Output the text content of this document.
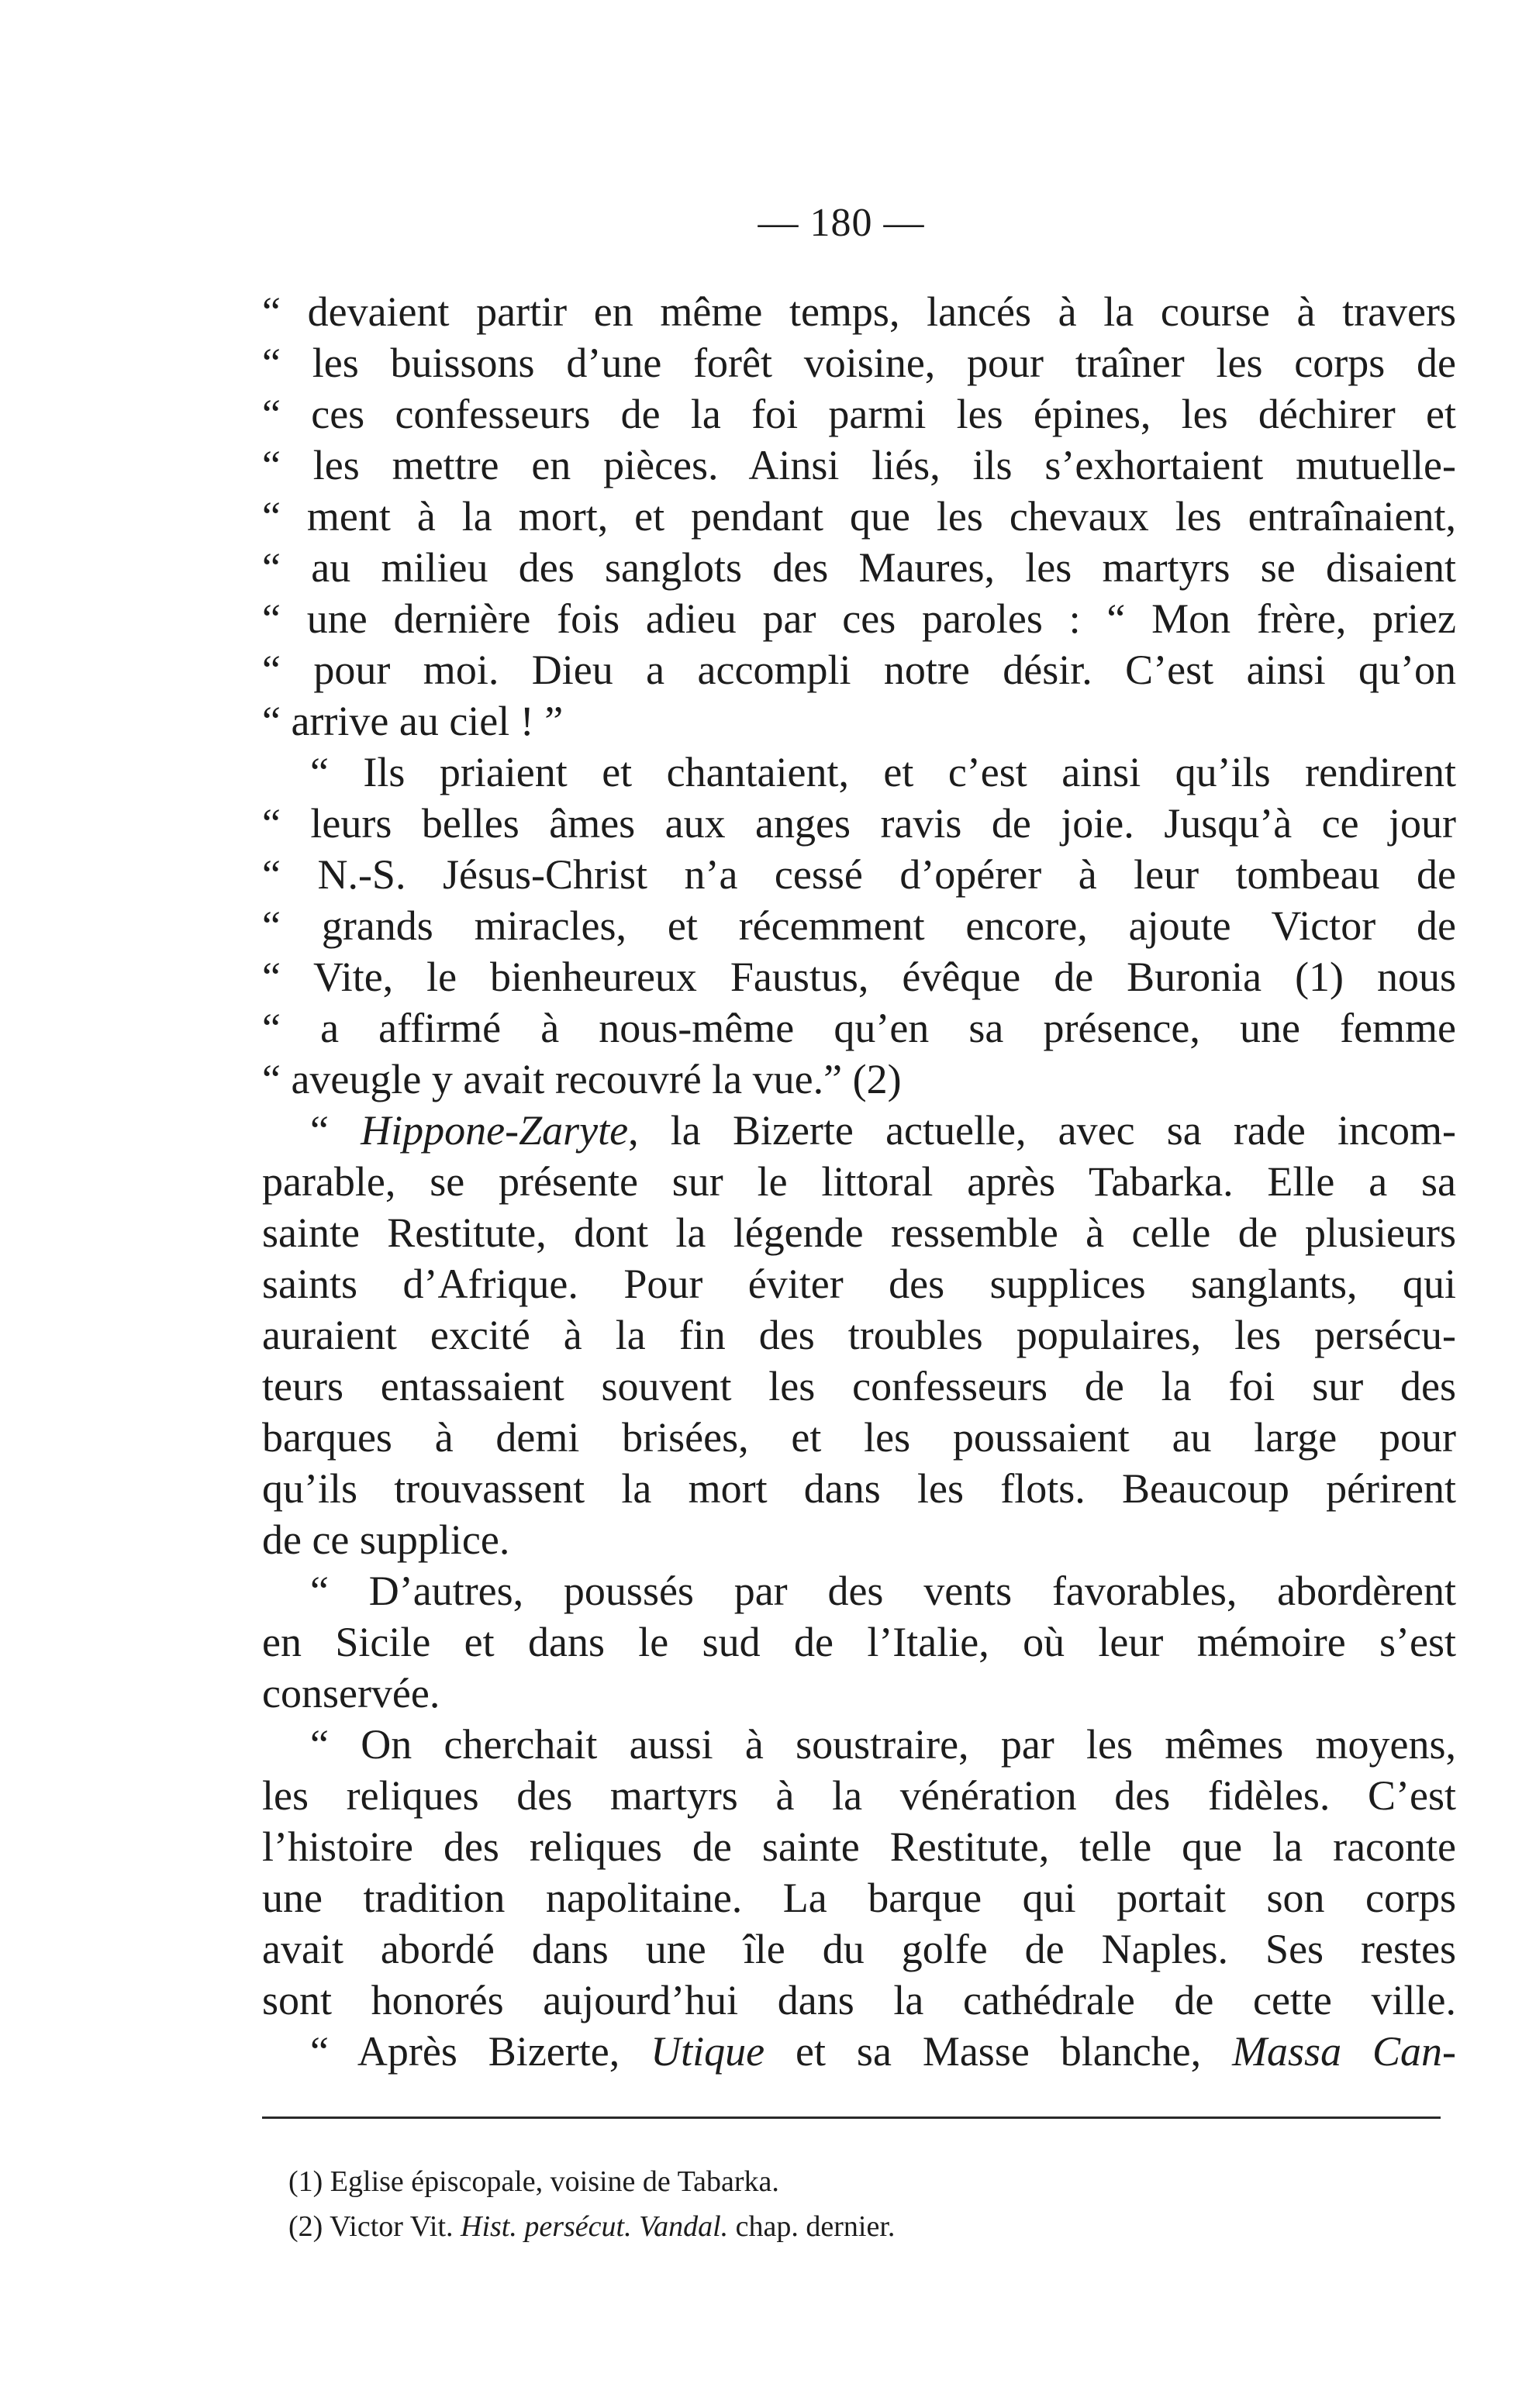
— 180 —
“ devaient partir en même temps, lancés à la course à travers
“ les buissons d’une forêt voisine, pour traîner les corps de
“ ces confesseurs de la foi parmi les épines, les déchirer et
“ les mettre en pièces. Ainsi liés, ils s’exhortaient mutuelle-
“ ment à la mort, et pendant que les chevaux les entraînaient,
“ au milieu des sanglots des Maures, les martyrs se disaient
“ une dernière fois adieu par ces paroles : “ Mon frère, priez
“ pour moi. Dieu a accompli notre désir. C’est ainsi qu’on
“ arrive au ciel ! ”
“ Ils priaient et chantaient, et c’est ainsi qu’ils rendirent
“ leurs belles âmes aux anges ravis de joie. Jusqu’à ce jour
“ N.-S. Jésus-Christ n’a cessé d’opérer à leur tombeau de
“ grands miracles, et récemment encore, ajoute Victor de
“ Vite, le bienheureux Faustus, évêque de Buronia (1) nous
“ a affirmé à nous-même qu’en sa présence, une femme
“ aveugle y avait recouvré la vue.” (2)
“ Hippone-Zaryte, la Bizerte actuelle, avec sa rade incom-
parable, se présente sur le littoral après Tabarka. Elle a sa
sainte Restitute, dont la légende ressemble à celle de plusieurs
saints d’Afrique. Pour éviter des supplices sanglants, qui
auraient excité à la fin des troubles populaires, les persécu-
teurs entassaient souvent les confesseurs de la foi sur des
barques à demi brisées, et les poussaient au large pour
qu’ils trouvassent la mort dans les flots. Beaucoup périrent
de ce supplice.
“ D’autres, poussés par des vents favorables, abordèrent
en Sicile et dans le sud de l’Italie, où leur mémoire s’est
conservée.
“ On cherchait aussi à soustraire, par les mêmes moyens,
les reliques des martyrs à la vénération des fidèles. C’est
l’histoire des reliques de sainte Restitute, telle que la raconte
une tradition napolitaine. La barque qui portait son corps
avait abordé dans une île du golfe de Naples. Ses restes
sont honorés aujourd’hui dans la cathédrale de cette ville.
“ Après Bizerte, Utique et sa Masse blanche, Massa Can-
(1) Eglise épiscopale, voisine de Tabarka.
(2) Victor Vit. Hist. persécut. Vandal. chap. dernier.
